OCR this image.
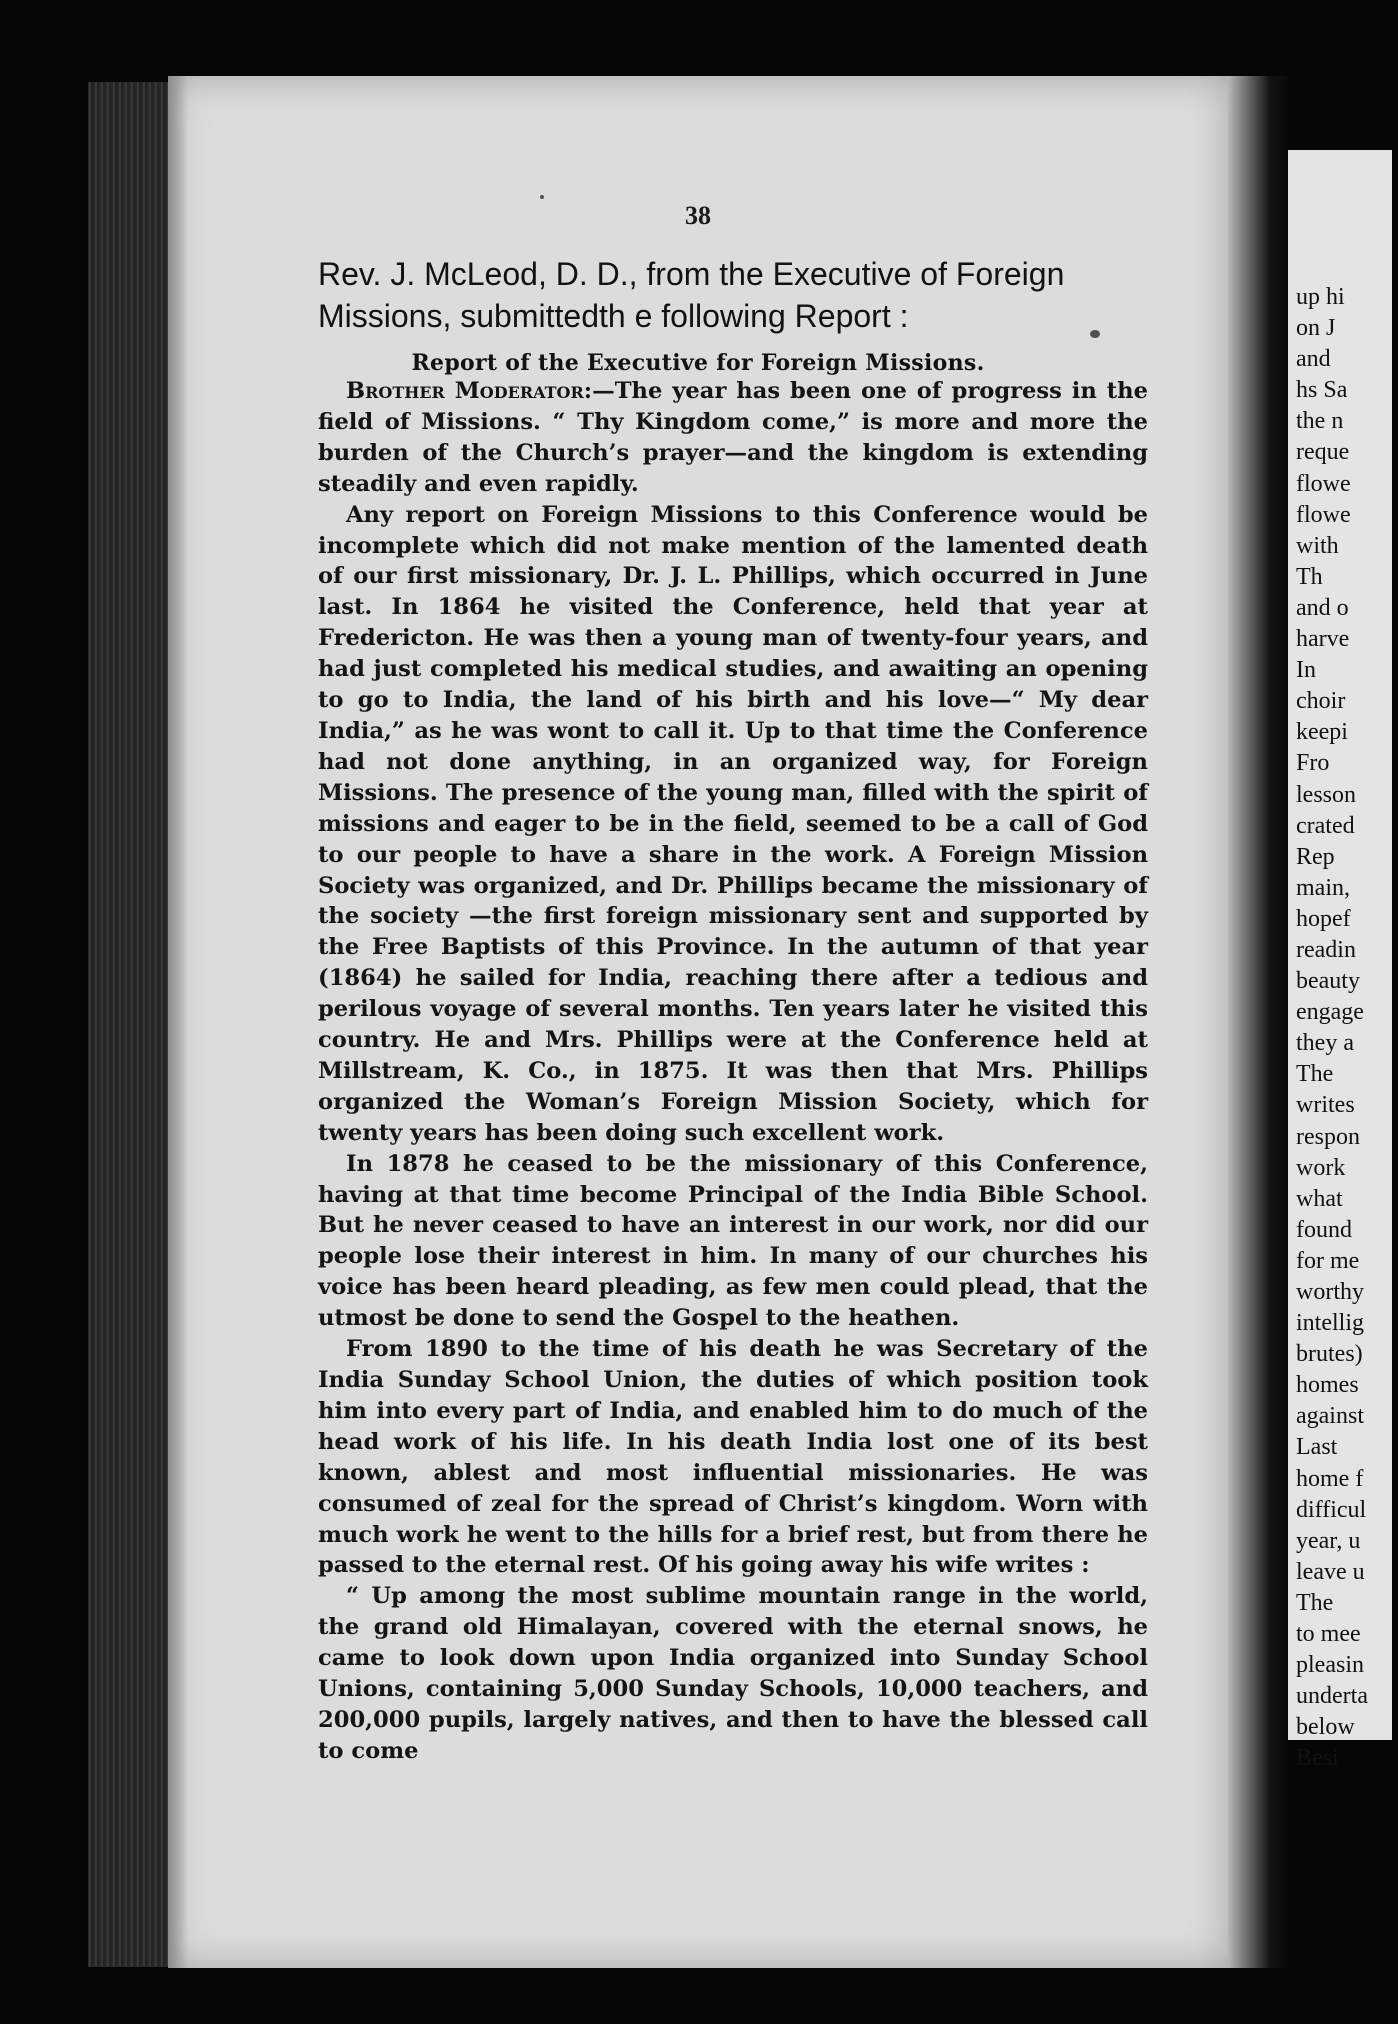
38
Rev. J. McLeod, D. D., from the Executive of Foreign
Missions, submittedth e following Report :
Report of the Executive for Foreign Missions.

Brother Moderator:—The year has been one of progress in the field of Missions. “ Thy Kingdom come,” is more and more the burden of the Church’s prayer—and the kingdom is extending steadily and even rapidly.

Any report on Foreign Missions to this Conference would be incomplete which did not make mention of the lamented death of our first missionary, Dr. J. L. Phillips, which occurred in June last. In 1864 he visited the Conference, held that year at Fredericton. He was then a young man of twenty-four years, and had just completed his medical studies, and awaiting an opening to go to India, the land of his birth and his love—“ My dear India,” as he was wont to call it. Up to that time the Conference had not done anything, in an organized way, for Foreign Missions. The presence of the young man, filled with the spirit of missions and eager to be in the field, seemed to be a call of God to our people to have a share in the work. A Foreign Mission Society was organized, and Dr. Phillips became the missionary of the society —the first foreign missionary sent and supported by the Free Baptists of this Province. In the autumn of that year (1864) he sailed for India, reaching there after a tedious and perilous voyage of several months. Ten years later he visited this country. He and Mrs. Phillips were at the Conference held at Millstream, K. Co., in 1875. It was then that Mrs. Phillips organized the Woman’s Foreign Mission Society, which for twenty years has been doing such excellent work.

In 1878 he ceased to be the missionary of this Conference, having at that time become Principal of the India Bible School. But he never ceased to have an interest in our work, nor did our people lose their interest in him. In many of our churches his voice has been heard pleading, as few men could plead, that the utmost be done to send the Gospel to the heathen.

From 1890 to the time of his death he was Secretary of the India Sunday School Union, the duties of which position took him into every part of India, and enabled him to do much of the head work of his life. In his death India lost one of its best known, ablest and most influential missionaries. He was consumed of zeal for the spread of Christ’s kingdom. Worn with much work he went to the hills for a brief rest, but from there he passed to the eternal rest. Of his going away his wife writes :

“ Up among the most sublime mountain range in the world, the grand old Himalayan, covered with the eternal snows, he came to look down upon India organized into Sunday School Unions, containing 5,000 Sunday Schools, 10,000 teachers, and 200,000 pupils, largely natives, and then to have the blessed call to come

up hi
on J
and
hs Sa
the n
reque
flowe
flowe
with
Th
and o
harve
In
choir
keepi
Fro
lesson
crated
Rep
main,
hopef
readin
beauty
engage
they a
The
writes
respon
work
what
found
for me
worthy
intellig
brutes)
homes
against
Last
home f
difficul
year, u
leave u
The
to mee
pleasin
underta
below
Besi
